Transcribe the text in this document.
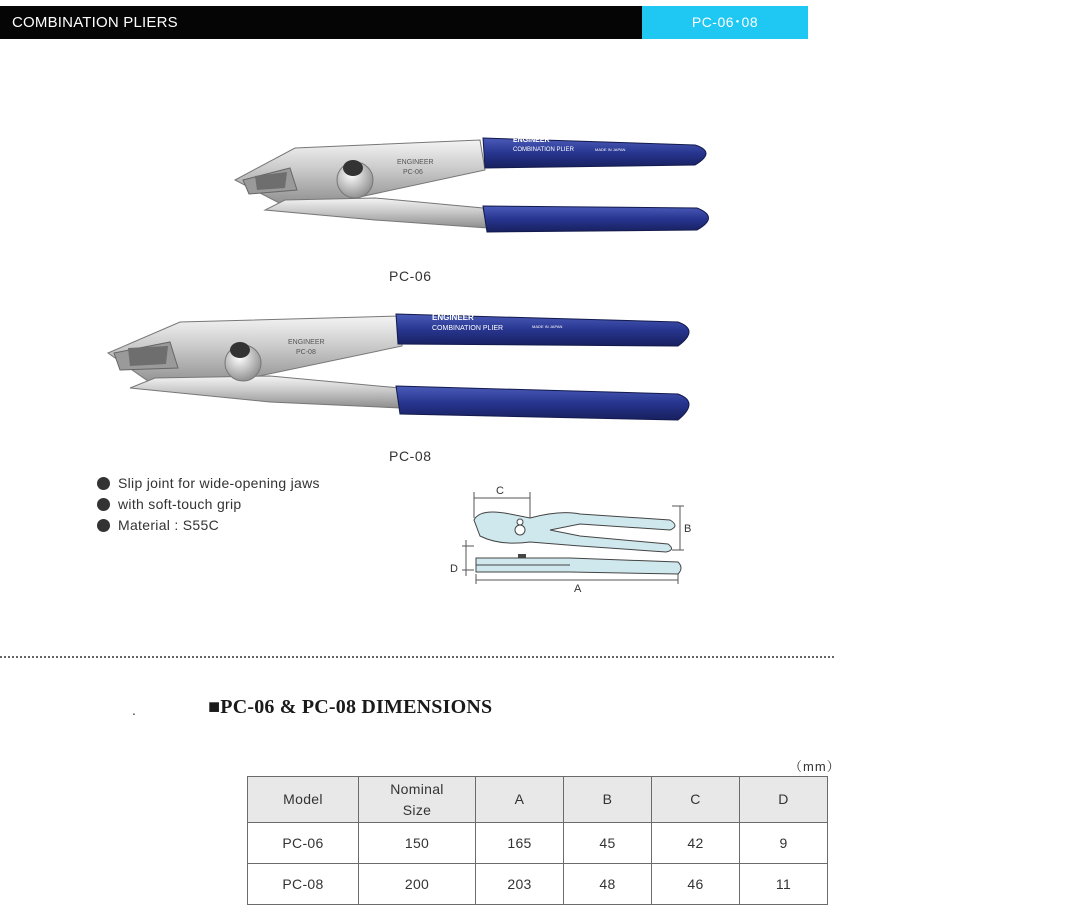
COMBINATION PLIERS	PC-06･08
ENGINEER	PC-06
COMBINATION PLIER	MADE IN JAPAN
ENGINEER
PC-06
PC-06
ENGINEER	PC-08
COMBINATION PLIER	MADE IN JAPAN
ENGINEER
PC-08
PC-08
Slip joint for wide-opening jaws
with soft-touch grip
Material : S55C
C
B
D
A
.	■PC-06 & PC-08 DIMENSIONS
（mm）
Model	Nominal Size	A	B	C	D
PC-06	150	165	45	42	9
PC-08	200	203	48	46	11
